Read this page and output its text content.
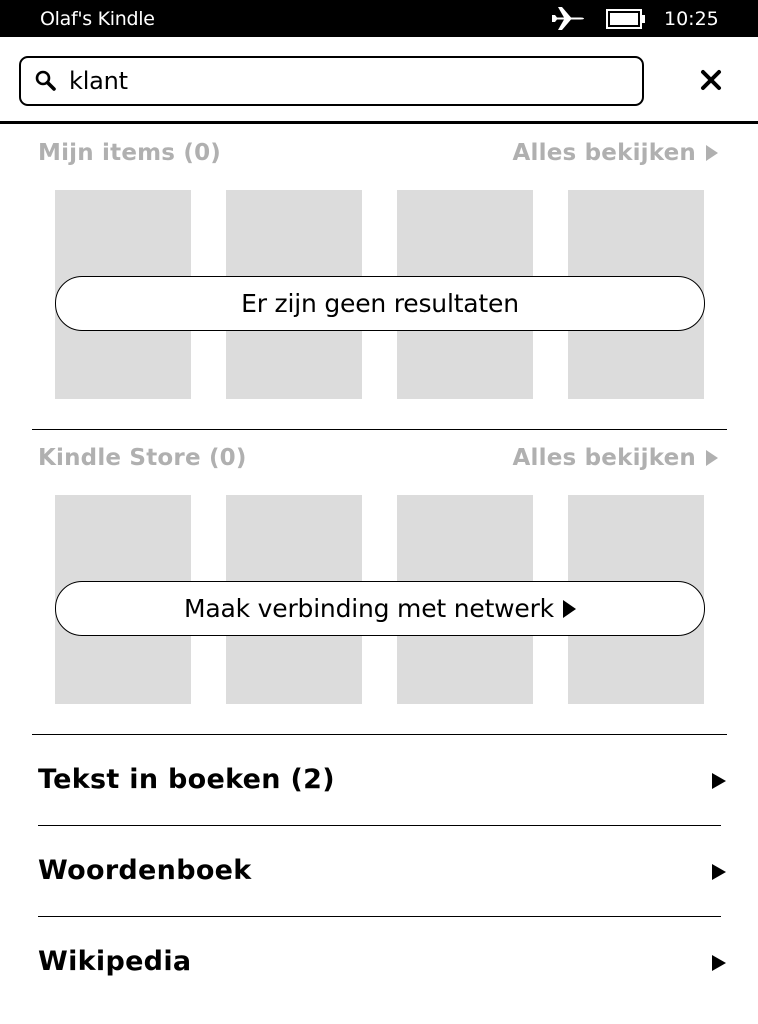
Olaf's Kindle	10:25
klant
Mijn items (0)	Alles bekijken
Er zijn geen resultaten
Kindle Store (0)	Alles bekijken
Maak verbinding met netwerk
Tekst in boeken (2)
Woordenboek
Wikipedia
